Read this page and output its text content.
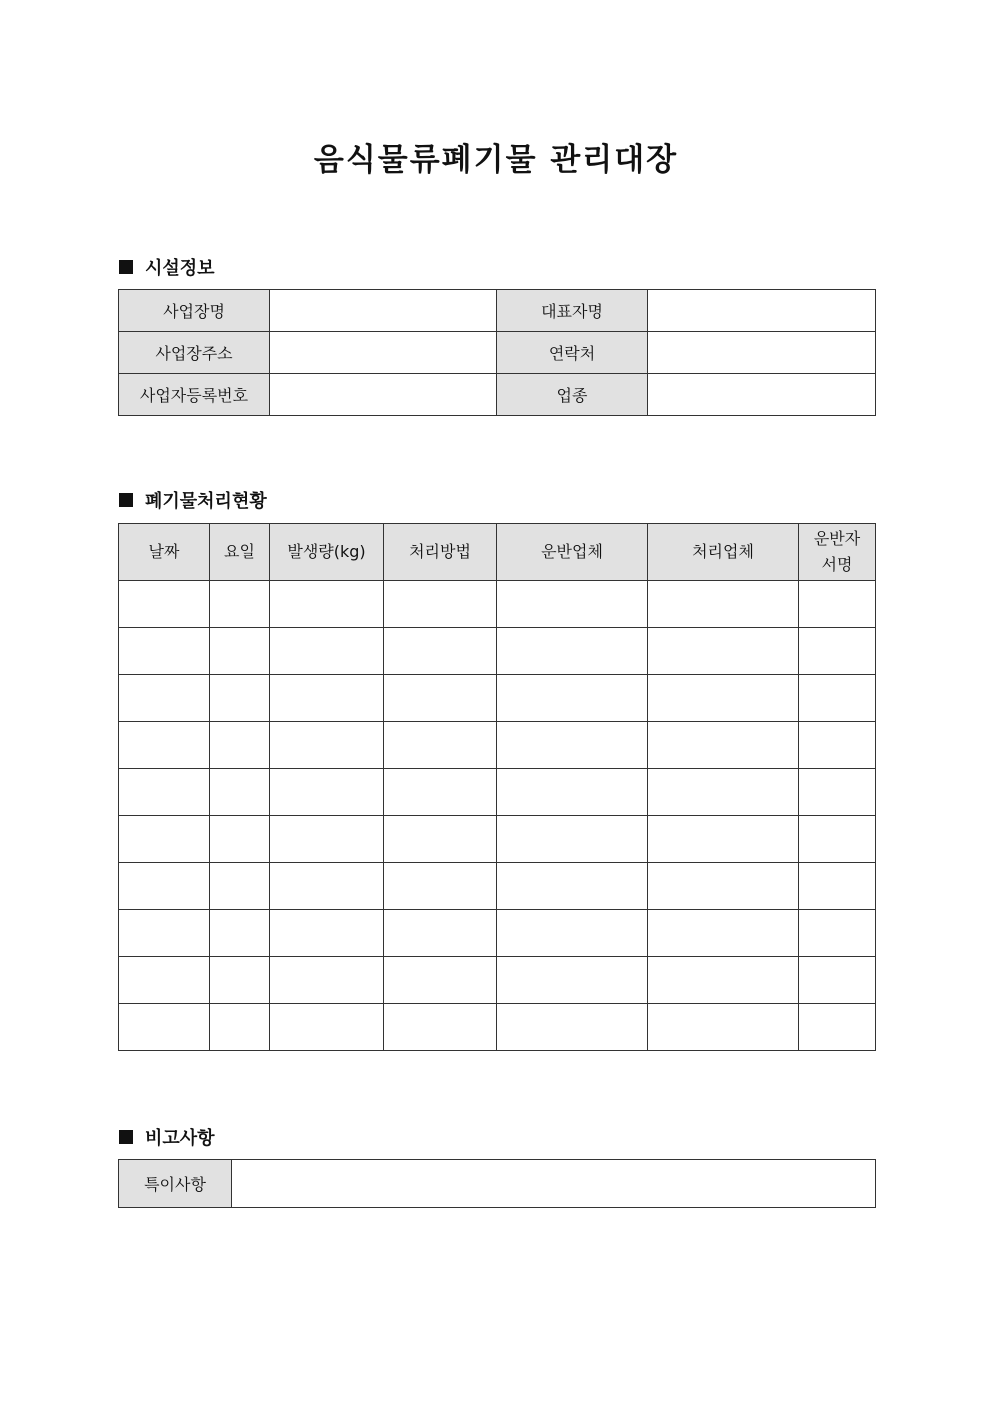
음식물류폐기물 관리대장
시설정보
사업장명		대표자명	
사업장주소		연락처	
사업자등록번호		업종	
폐기물처리현황
날짜	요일	발생량(kg)	처리방법	운반업체	처리업체	운반자
서명

비고사항
특이사항	
